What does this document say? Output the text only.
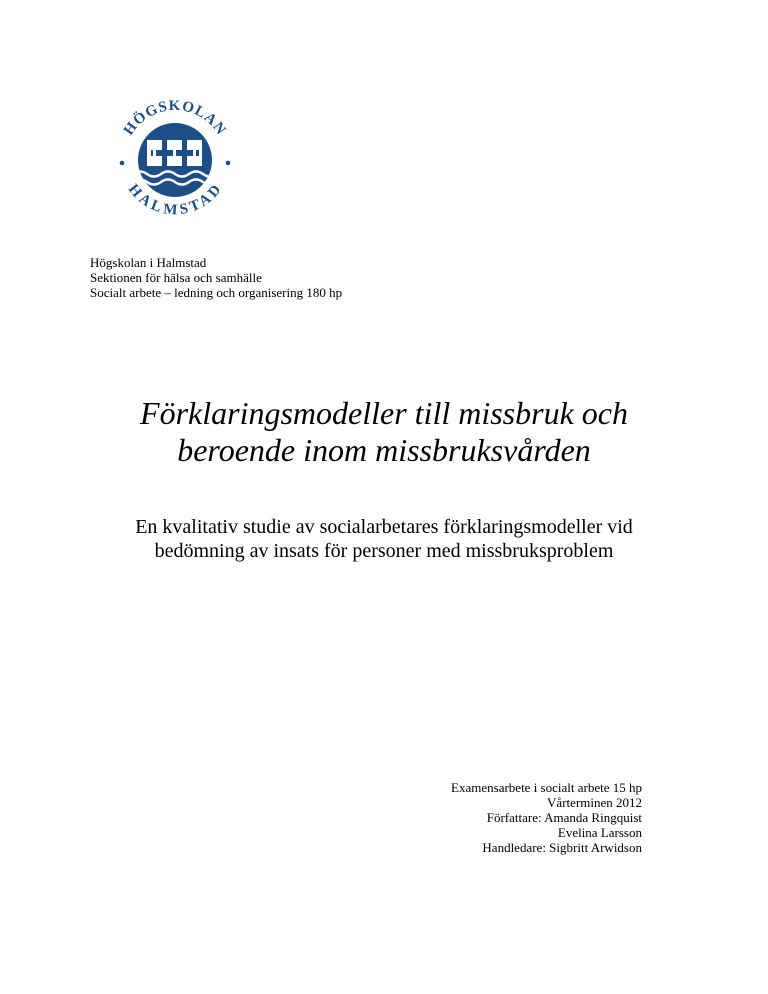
HÖGSKOLAN
HALMSTAD
Högskolan i Halmstad
Sektionen för hälsa och samhälle
Socialt arbete – ledning och organisering 180 hp
Förklaringsmodeller till missbruk och
beroende inom missbruksvården
En kvalitativ studie av socialarbetares förklaringsmodeller vid
bedömning av insats för personer med missbruksproblem
Examensarbete i socialt arbete 15 hp
Vårterminen 2012
Författare: Amanda Ringquist
Evelina Larsson
Handledare: Sigbritt Arwidson
